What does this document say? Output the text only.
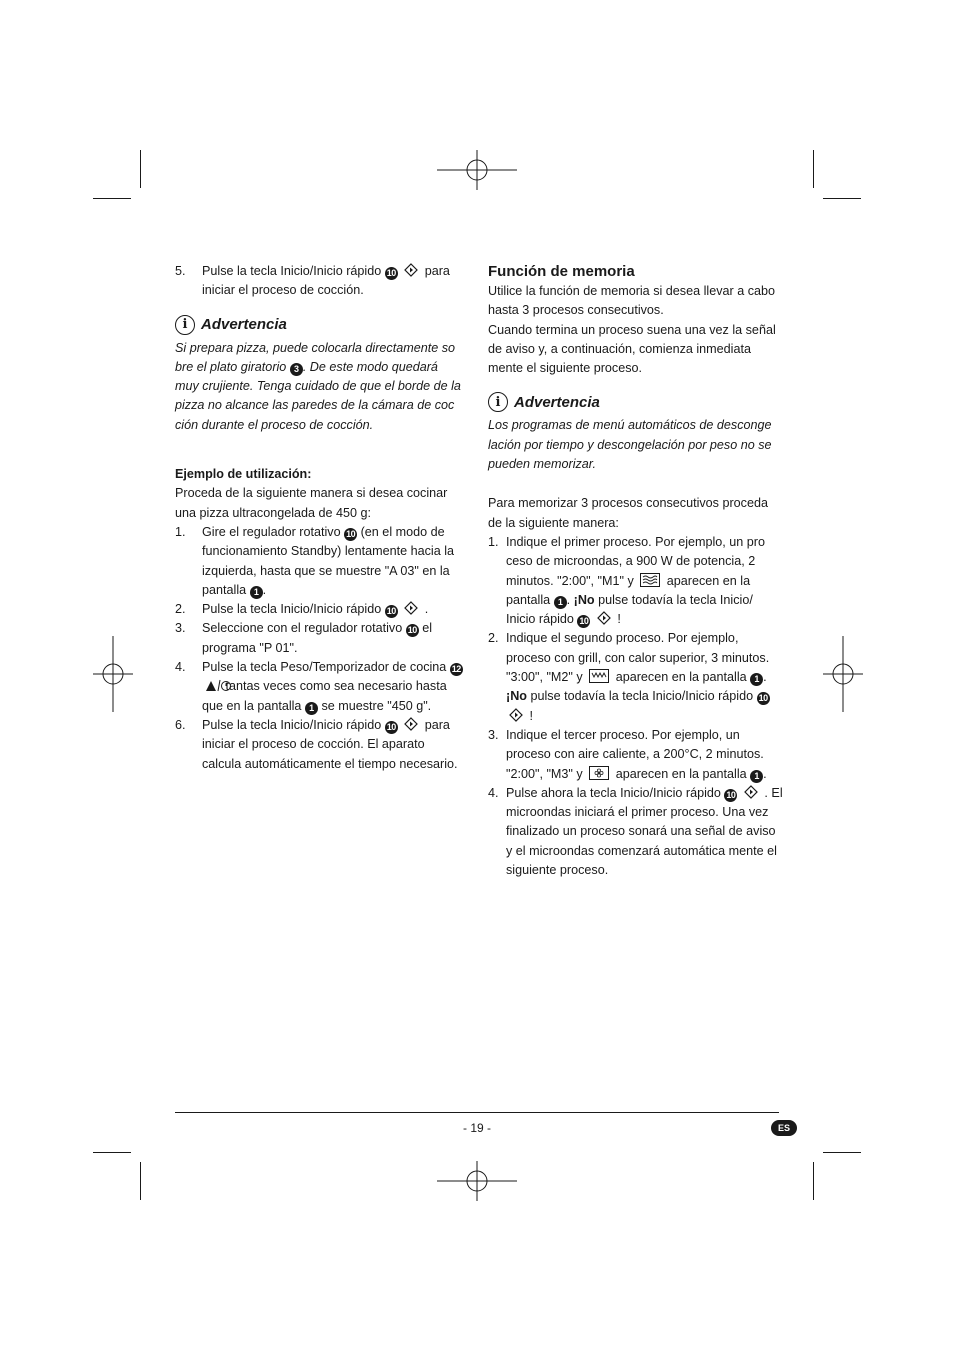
5. Pulse la tecla Inicio/Inicio rápido 10 para iniciar el proceso de cocción.
i Advertencia

Si prepara pizza, puede colocarla directamente so bre el plato giratorio 3 . De este modo quedará muy crujiente. Tenga cuidado de que el borde de la pizza no alcance las paredes de la cámara de coc ción durante el proceso de cocción.

Ejemplo de utilización:

Proceda de la siguiente manera si desea cocinar una pizza ultracongelada de 450 g:

1. Gire el regulador rotativo 10 (en el modo de funcionamiento Standby) lentamente hacia la izquierda, hasta que se muestre "A 03" en la pantalla 1 .
2. Pulse la tecla Inicio/Inicio rápido 10 .
3. Seleccione con el regulador rotativo 10 el programa "P 01".
4. Pulse la tecla Peso/Temporizador de cocina 12
tantas veces como sea necesario hasta que en la pantalla 1 se muestre "450 g".
6. Pulse la tecla Inicio/Inicio rápido 10 para iniciar el proceso de cocción. El aparato calcula automáticamente el tiempo necesario.
Función de memoria

Utilice la función de memoria si desea llevar a cabo hasta 3 procesos consecutivos.

Cuando termina un proceso suena una vez la señal de aviso y, a continuación, comienza inmediata mente el siguiente proceso.

i Advertencia

Los programas de menú automáticos de desconge lación por tiempo y descongelación por peso no se pueden memorizar.

Para memorizar 3 procesos consecutivos proceda de la siguiente manera:

1. Indique el primer proceso. Por ejemplo, un pro ceso de microondas, a 900 W de potencia, 2 minutos. "2:00", "M1" y	aparecen en la pantalla 1 . ¡No pulse todavía la tecla Inicio/ Inicio rápido 10 !
2. Indique el segundo proceso. Por ejemplo, proceso con grill, con calor superior, 3 minutos. "3:00", "M2" y	aparecen en la pantalla 1 . ¡No pulse todavía la tecla Inicio/Inicio rápido 10
!
3. Indique el tercer proceso. Por ejemplo, un proceso con aire caliente, a 200°C, 2 minutos. "2:00", "M3" y	aparecen en la pantalla 1 .
4. Pulse ahora la tecla Inicio/Inicio rápido 10 . El microondas iniciará el primer proceso. Una vez finalizado un proceso sonará una señal de aviso y el microondas comenzará automática mente el siguiente proceso.
- 19 -	ES
